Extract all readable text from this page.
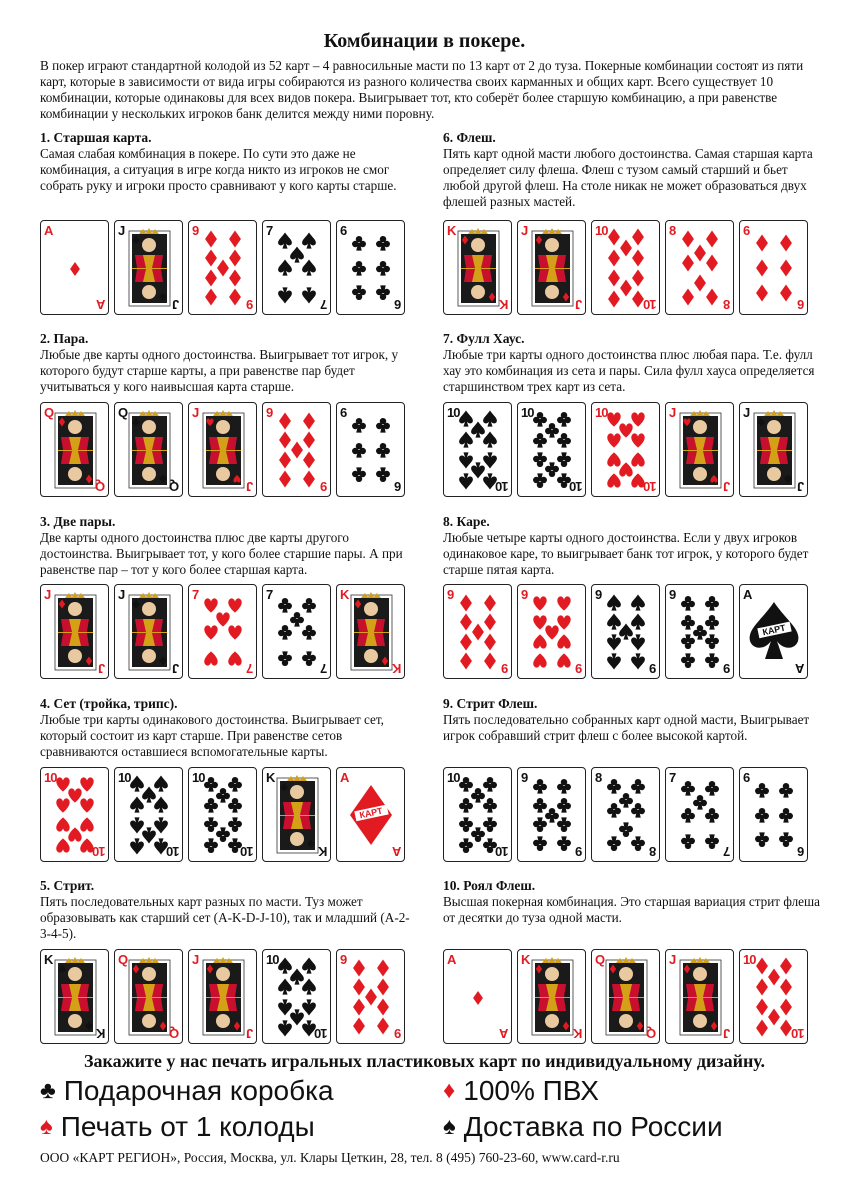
Комбинации в покере.
В покер играют стандартной колодой из 52 карт – 4 равносильные масти по 13 карт от 2 до туза. Покерные комбинации состоят из пяти карт, которые в зависимости от вида игры собираются из разного количества своих карманных и общих карт. Всего существует 10 комбинации, которые одинаковы для всех видов покера. Выигрывает тот, кто соберёт более старшую комбинацию, а при равенстве комбинации у нескольких игроков банк делится между ними поровну.
1. Старшая карта.
Самая слабая комбинация в покере. По сути это даже не комбинация, а ситуация в игре когда никто из игроков не смог собрать руку и игроки просто сравнивают у кого карты старше.
2. Пара.
Любые две карты одного достоинства. Выигрывает тот игрок, у которого будут старше карты, а при равенстве пар будет учитываться у кого наивысшая карта старше.
3. Две пары.
Две карты одного достоинства плюс две карты другого достоинства. Выигрывает тот, у кого более старшие пары. А при равенстве пар – тот у кого более старшая карта.
4. Сет (тройка, трипс).
Любые три карты одинакового достоинства. Выигрывает сет, который состоит из карт старше. При равенстве сетов сравниваются оставшиеся вспомогательные карты.
5. Стрит.
Пять последовательных карт разных по масти. Туз может образовывать как старший сет (A-K-D-J-10), так и младший (A-2-3-4-5).
6. Флеш.
Пять карт одной масти любого достоинства. Самая старшая карта определяет силу флеша. Флеш с тузом самый старший и бьет любой другой флеш. На столе никак не может образоваться двух флешей разных мастей.
7. Фулл Хаус.
Любые три карты одного достоинства плюс любая пара. Т.е. фулл хау это комбинация из сета и пары. Сила фулл хауса определяется старшинством трех карт из сета.
8. Каре.
Любые четыре карты одного достоинства. Если у двух игроков одинаковое каре, то выигрывает банк тот игрок, у которого будет старше пятая карта.
9. Стрит Флеш.
Пять последовательно собранных карт одной масти, Выигрывает игрок собравший стрит флеш с более высокой картой.
10. Роял Флеш.
Высшая покерная комбинация. Это старшая вариация стрит флеша от десятки до туза одной масти.
A
A
J
J
9
9
7
7
6
6
Q
Q
Q
Q
J
J
9
9
6
6
J
J
J
J
7
7
7
7
K
K
10
10
10
10
10
10
K
K
КАРТ
A
A
K
K
Q
Q
J
J
10
10
9
9
K
K
J
J
10
10
8
8
6
6
10
10
10
10
10
10
J
J
J
J
9
9
9
9
9
9
9
9
КАРТ
A
A
10
10
9
9
8
8
7
7
6
6
A
A
K
K
Q
Q
J
J
10
10
Закажите у нас печать игральных пластиковых карт по индивидуальному дизайну.
♣ Подарочная коробка	♦ 100% ПВХ
♠ Печать от 1 колоды	♠ Доставка по России
ООО «КАРТ РЕГИОН», Россия, Москва, ул. Клары Цеткин, 28, тел. 8 (495) 760-23-60, www.card-r.ru
